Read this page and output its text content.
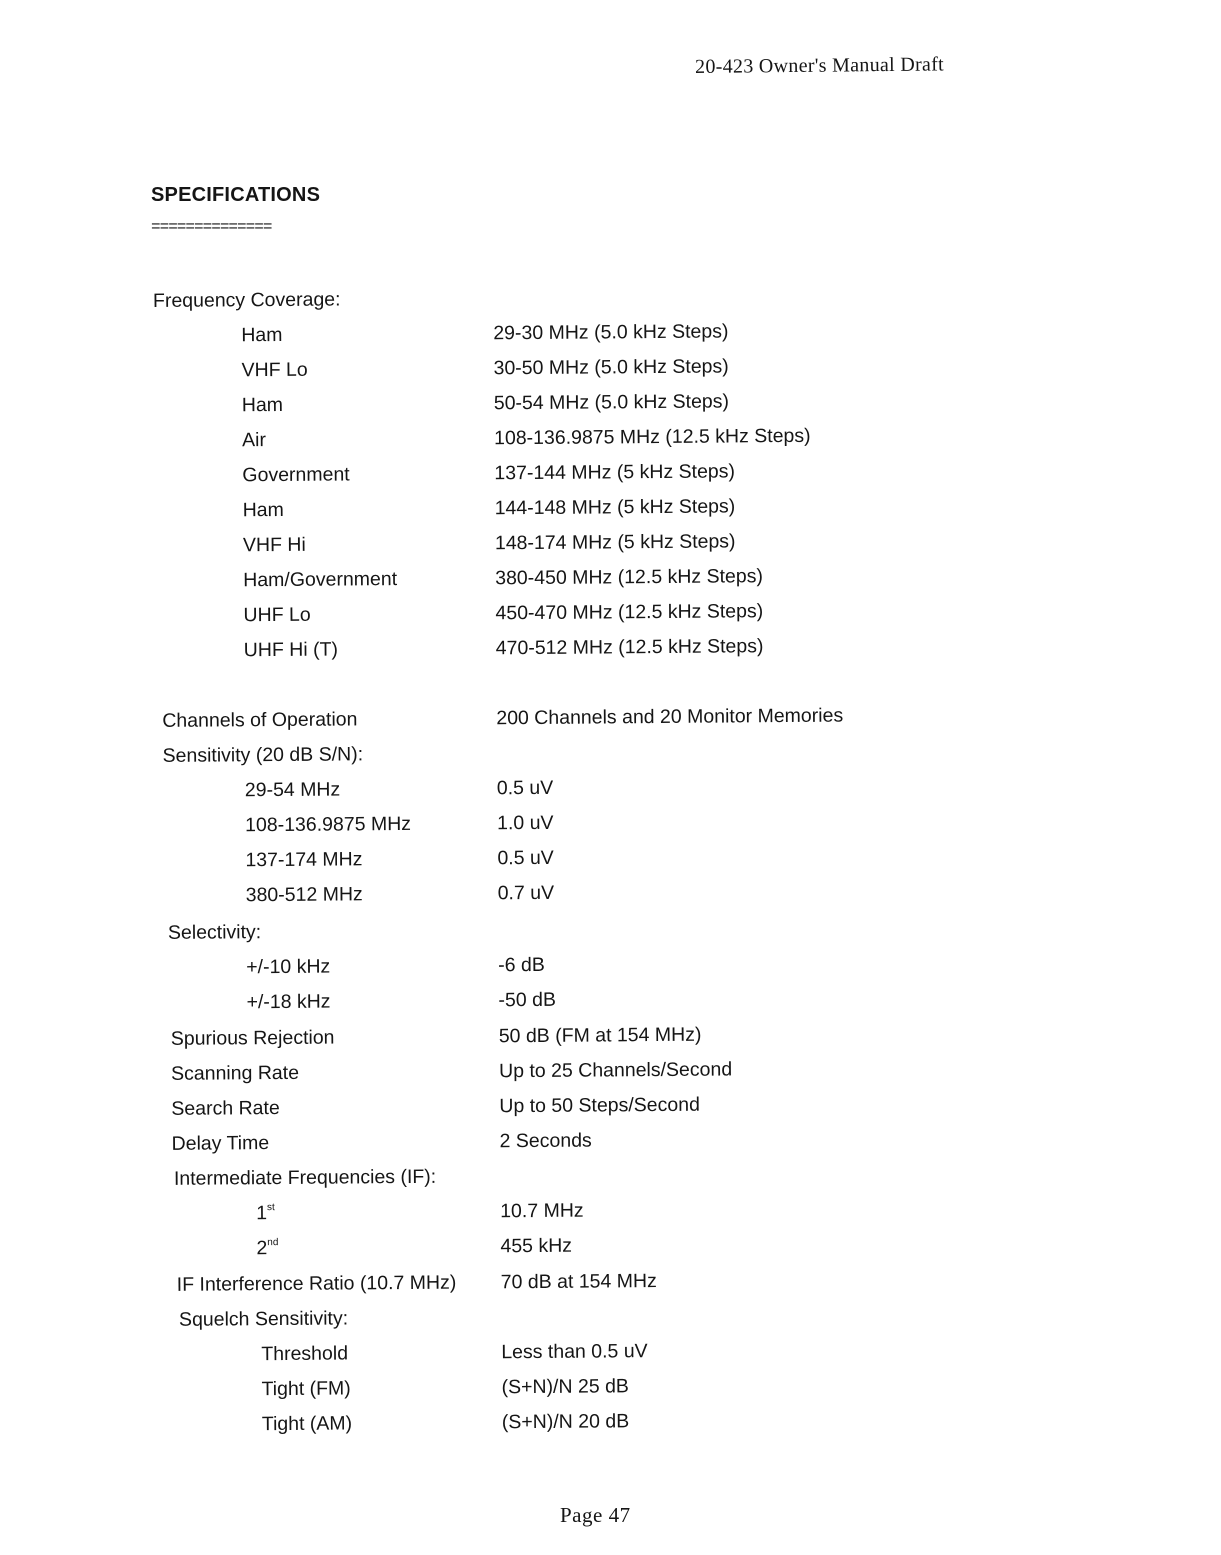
20-423 Owner's Manual Draft
SPECIFICATIONS
==============
Frequency Coverage:
Ham	29-30 MHz (5.0 kHz Steps)
VHF Lo	30-50 MHz (5.0 kHz Steps)
Ham	50-54 MHz (5.0 kHz Steps)
Air	108-136.9875 MHz (12.5 kHz Steps)
Government	137-144 MHz (5 kHz Steps)
Ham	144-148 MHz (5 kHz Steps)
VHF Hi	148-174 MHz (5 kHz Steps)
Ham/Government	380-450 MHz (12.5 kHz Steps)
UHF Lo	450-470 MHz (12.5 kHz Steps)
UHF Hi (T)	470-512 MHz (12.5 kHz Steps)
Channels of Operation	200 Channels and 20 Monitor Memories
Sensitivity (20 dB S/N):
29-54 MHz	0.5 uV
108-136.9875 MHz	1.0 uV
137-174 MHz	0.5 uV
380-512 MHz	0.7 uV
Selectivity:
+/-10 kHz	-6 dB
+/-18 kHz	-50 dB
Spurious Rejection	50 dB (FM at 154 MHz)
Scanning Rate	Up to 25 Channels/Second
Search Rate	Up to 50 Steps/Second
Delay Time	2 Seconds
Intermediate Frequencies (IF):
1st	10.7 MHz
2nd	455 kHz
IF Interference Ratio (10.7 MHz) 70 dB at 154 MHz
Squelch Sensitivity:
Threshold	Less than 0.5 uV
Tight (FM)	(S+N)/N 25 dB
Tight (AM)	(S+N)/N 20 dB
Page 47
